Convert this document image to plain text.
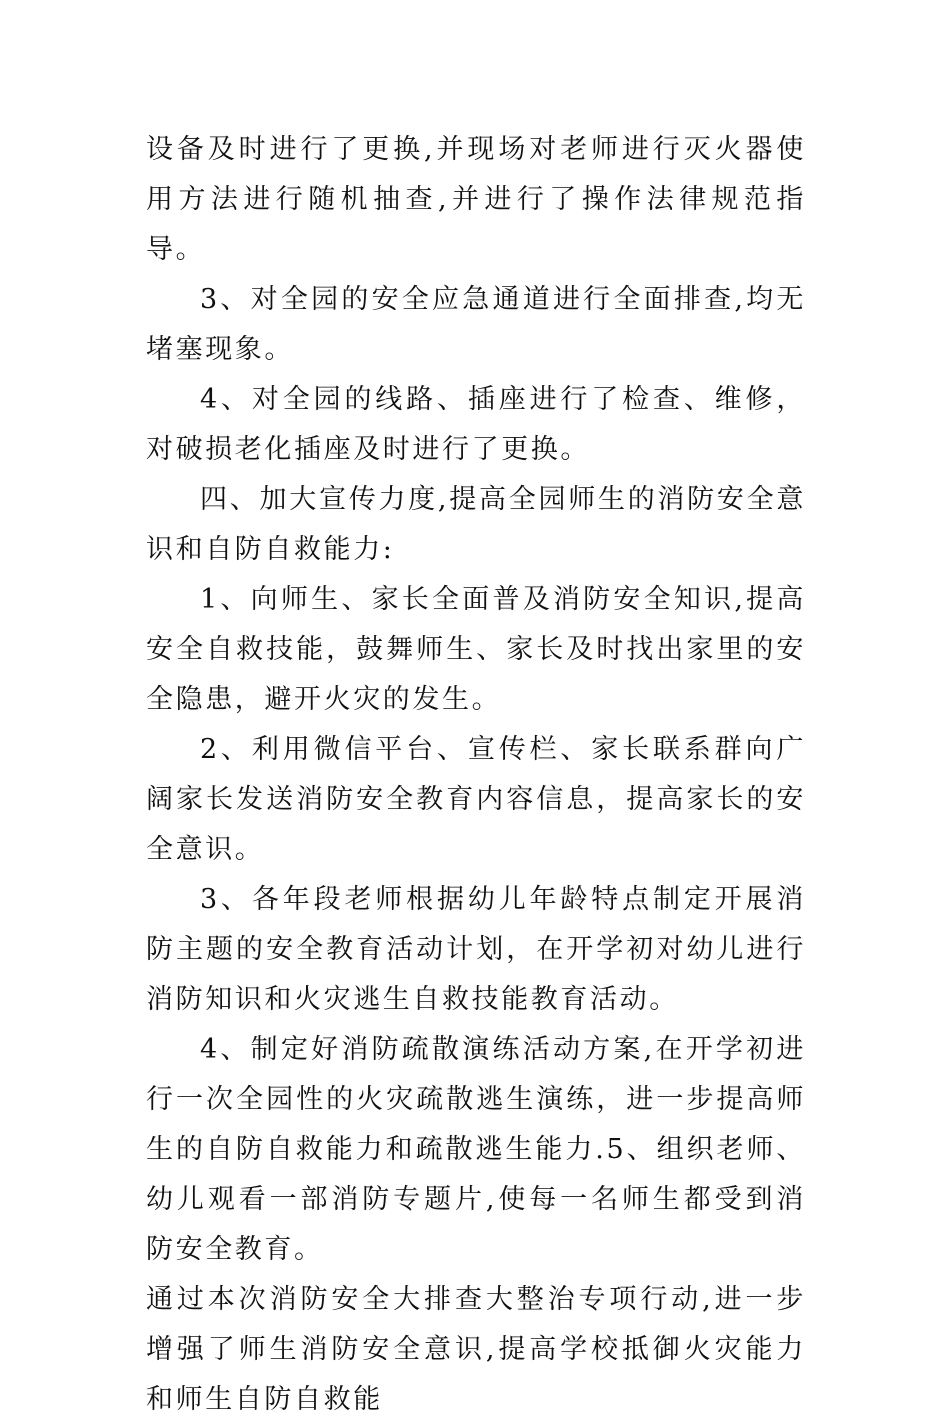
设备及时进行了更换,并现场对老师进行灭火器使用方法进行随机抽查,并进行了操作法律规范指导。

3、对全园的安全应急通道进行全面排查,均无堵塞现象。

4、对全园的线路、插座进行了检查、维修，对破损老化插座及时进行了更换。

四、加大宣传力度,提高全园师生的消防安全意识和自防自救能力:

1、向师生、家长全面普及消防安全知识,提高安全自救技能，鼓舞师生、家长及时找出家里的安全隐患，避开火灾的发生。

2、利用微信平台、宣传栏、家长联系群向广阔家长发送消防安全教育内容信息，提高家长的安全意识。

3、各年段老师根据幼儿年龄特点制定开展消防主题的安全教育活动计划，在开学初对幼儿进行消防知识和火灾逃生自救技能教育活动。

4、制定好消防疏散演练活动方案,在开学初进行一次全园性的火灾疏散逃生演练，进一步提高师生的自防自救能力和疏散逃生能力.5、组织老师、幼儿观看一部消防专题片,使每一名师生都受到消防安全教育。

通过本次消防安全大排查大整治专项行动,进一步增强了师生消防安全意识,提高学校抵御火灾能力和师生自防自救能
